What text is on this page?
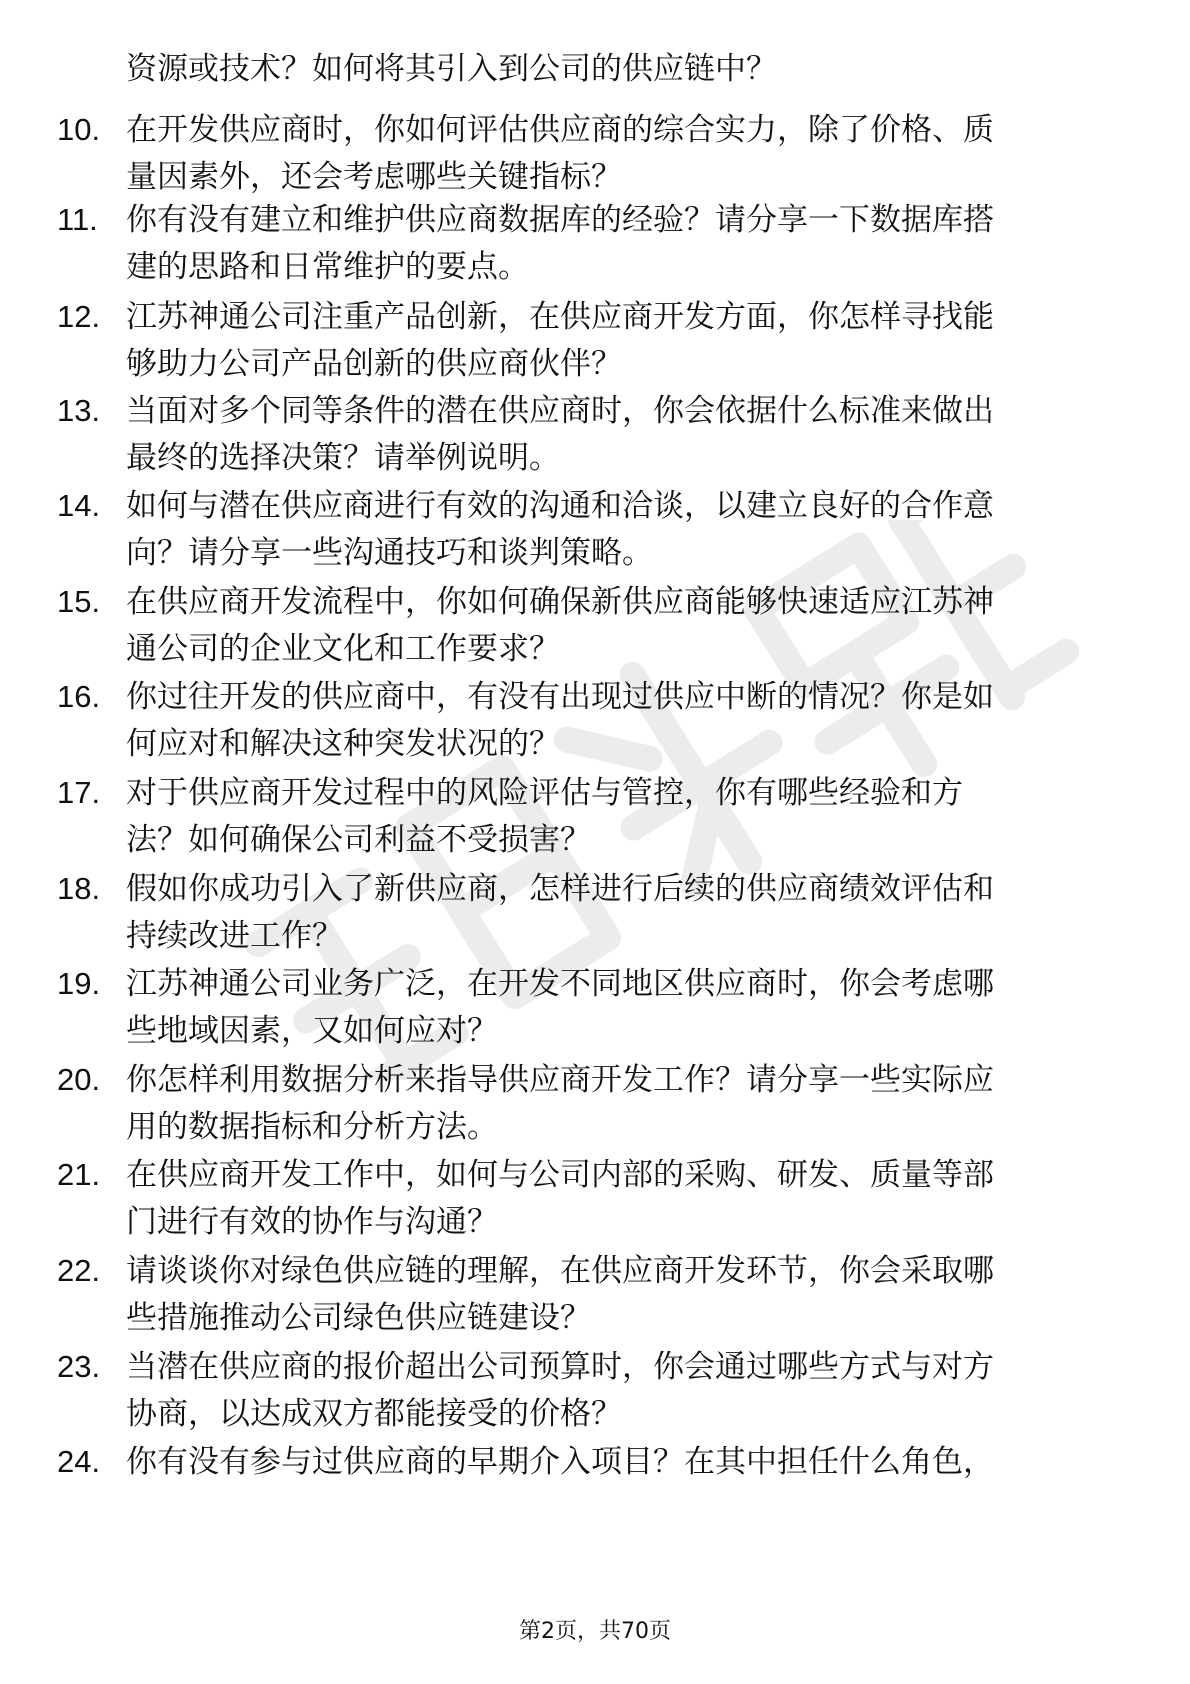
资源或技术？如何将其引入到公司的供应链中？
10. 在开发供应商时，你如何评估供应商的综合实力，除了价格、质
量因素外，还会考虑哪些关键指标？
11. 你有没有建立和维护供应商数据库的经验？请分享一下数据库搭
建的思路和日常维护的要点。
12. 江苏神通公司注重产品创新，在供应商开发方面，你怎样寻找能
够助力公司产品创新的供应商伙伴？
13. 当面对多个同等条件的潜在供应商时，你会依据什么标准来做出
最终的选择决策？请举例说明。
14. 如何与潜在供应商进行有效的沟通和洽谈，以建立良好的合作意
向？请分享一些沟通技巧和谈判策略。
15. 在供应商开发流程中，你如何确保新供应商能够快速适应江苏神
通公司的企业文化和工作要求？
16. 你过往开发的供应商中，有没有出现过供应中断的情况？你是如
何应对和解决这种突发状况的？
17. 对于供应商开发过程中的风险评估与管控，你有哪些经验和方
法？如何确保公司利益不受损害？
18. 假如你成功引入了新供应商，怎样进行后续的供应商绩效评估和
持续改进工作？
19. 江苏神通公司业务广泛，在开发不同地区供应商时，你会考虑哪
些地域因素，又如何应对？
20. 你怎样利用数据分析来指导供应商开发工作？请分享一些实际应
用的数据指标和分析方法。
21. 在供应商开发工作中，如何与公司内部的采购、研发、质量等部
门进行有效的协作与沟通？
22. 请谈谈你对绿色供应链的理解，在供应商开发环节，你会采取哪
些措施推动公司绿色供应链建设？
23. 当潜在供应商的报价超出公司预算时，你会通过哪些方式与对方
协商，以达成双方都能接受的价格？
24. 你有没有参与过供应商的早期介入项目？在其中担任什么角色，
第2页，共70页
